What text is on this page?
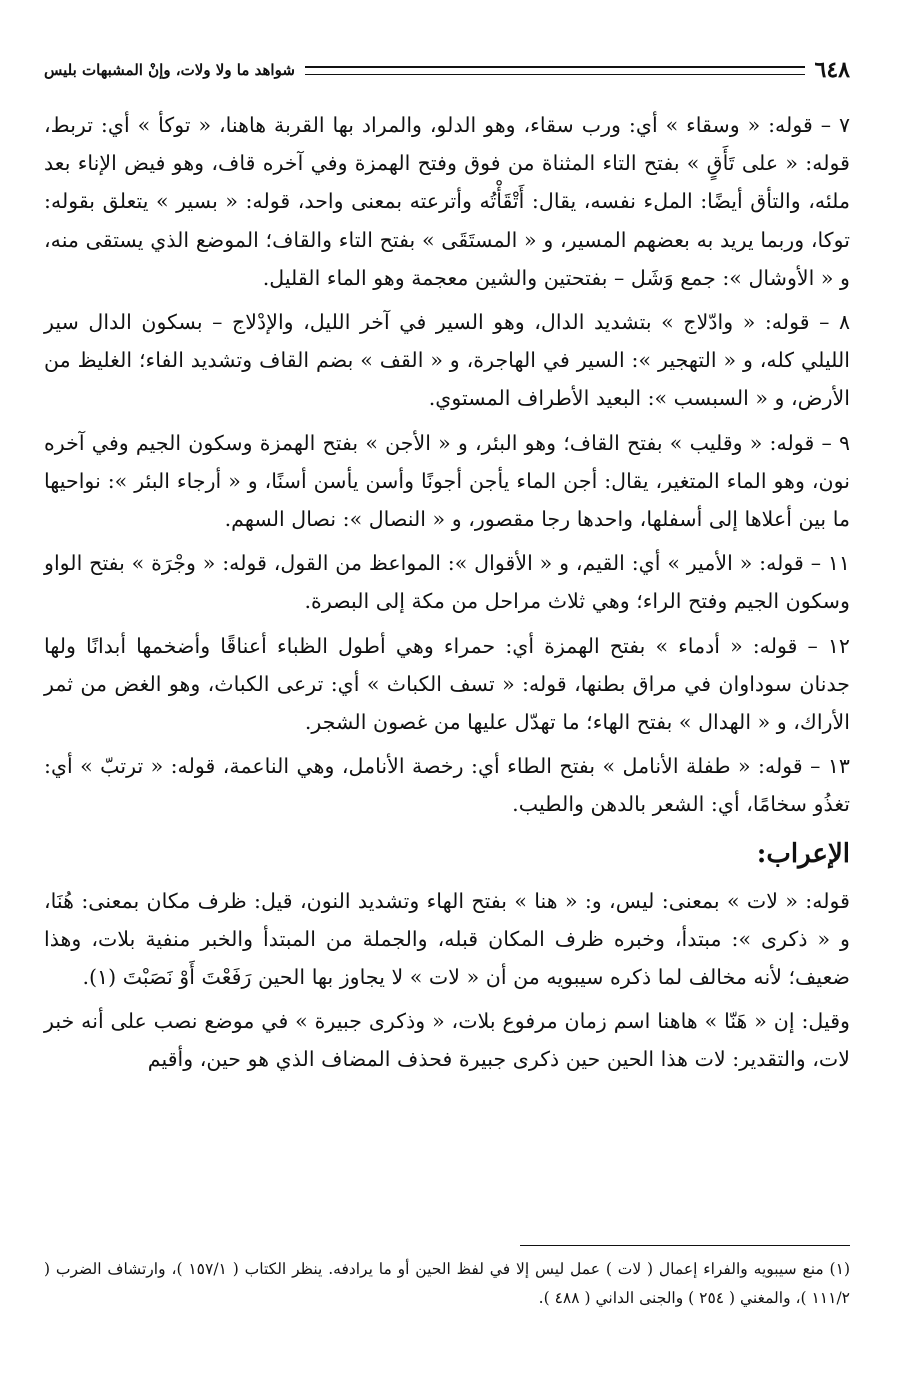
٦٤٨
شواهد ما ولا ولات، وإنْ المشبهات بليس

٧ – قوله: « وسقاء » أي: ورب سقاء، وهو الدلو، والمراد بها القربة هاهنا، « توكأ » أي: تربط، قوله: « على تَأَقٍ » بفتح التاء المثناة من فوق وفتح الهمزة وفي آخره قاف، وهو فيض الإناء بعد ملئه، والتأق أيضًا: الملء نفسه، يقال: أَتْقَأْتُه وأترعته بمعنى واحد، قوله: « بسير » يتعلق بقوله: توكا، وربما يريد به بعضهم المسير، و « المستَقَى » بفتح التاء والقاف؛ الموضع الذي يستقى منه، و « الأوشال »: جمع وَشَل – بفتحتين والشين معجمة وهو الماء القليل.

٨ – قوله: « وادّلاج » بتشديد الدال، وهو السير في آخر الليل، والإدْلاج – بسكون الدال سير الليلي كله، و « التهجير »: السير في الهاجرة، و « القف » بضم القاف وتشديد الفاء؛ الغليظ من الأرض، و « السبسب »: البعيد الأطراف المستوي.

٩ – قوله: « وقليب » بفتح القاف؛ وهو البئر، و « الأجن » بفتح الهمزة وسكون الجيم وفي آخره نون، وهو الماء المتغير، يقال: أجن الماء يأجن أجونًا وأسن يأسن أسنًا، و « أرجاء البئر »: نواحيها ما بين أعلاها إلى أسفلها، واحدها رجا مقصور، و « النصال »: نصال السهم.

١١ – قوله: « الأمير » أي: القيم، و « الأقوال »: المواعظ من القول، قوله: « وجْرَة » بفتح الواو وسكون الجيم وفتح الراء؛ وهي ثلاث مراحل من مكة إلى البصرة.

١٢ – قوله: « أدماء » بفتح الهمزة أي: حمراء وهي أطول الظباء أعناقًا وأضخمها أبدانًا ولها جدنان سوداوان في مراق بطنها، قوله: « تسف الكباث » أي: ترعى الكباث، وهو الغض من ثمر الأراك، و « الهدال » بفتح الهاء؛ ما تهدّل عليها من غصون الشجر.

١٣ – قوله: « طفلة الأنامل » بفتح الطاء أي: رخصة الأنامل، وهي الناعمة، قوله: « ترتبّ » أي: تغذُو سخامًا، أي: الشعر بالدهن والطيب.

الإعراب:

قوله: « لات » بمعنى: ليس، و: « هنا » بفتح الهاء وتشديد النون، قيل: ظرف مكان بمعنى: هُنَا، و « ذكرى »: مبتدأ، وخبره ظرف المكان قبله، والجملة من المبتدأ والخبر منفية بلات، وهذا ضعيف؛ لأنه مخالف لما ذكره سيبويه من أن « لات » لا يجاوز بها الحين رَفَعْتَ أَوْ نَصَبْتَ (١).

وقيل: إن « هَنّا » هاهنا اسم زمان مرفوع بلات، « وذكرى جبيرة » في موضع نصب على أنه خبر لات، والتقدير: لات هذا الحين حين ذكرى جبيرة فحذف المضاف الذي هو حين، وأقيم

(١) منع سيبويه والفراء إعمال ( لات ) عمل ليس إلا في لفظ الحين أو ما يرادفه. ينظر الكتاب ( ١٥٧/١ )، وارتشاف الضرب ( ١١١/٢ )، والمغني ( ٢٥٤ ) والجنى الداني ( ٤٨٨ ).
